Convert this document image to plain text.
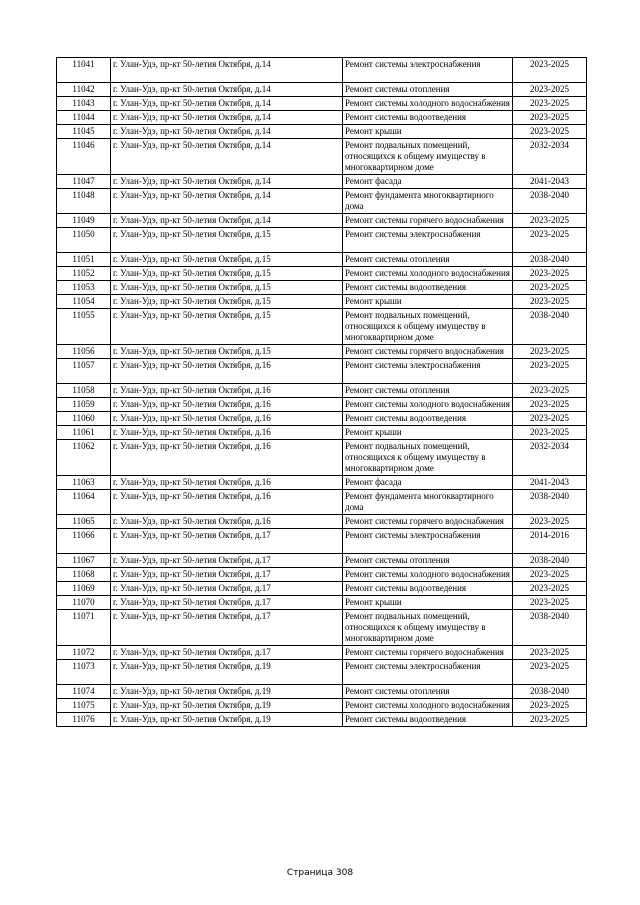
11041	г. Улан-Удэ, пр-кт 50-летия Октября, д.14	Ремонт системы электроснабжения	2023-2025
11042	г. Улан-Удэ, пр-кт 50-летия Октября, д.14	Ремонт системы отопления	2023-2025
11043	г. Улан-Удэ, пр-кт 50-летия Октября, д.14	Ремонт системы холодного водоснабжения	2023-2025
11044	г. Улан-Удэ, пр-кт 50-летия Октября, д.14	Ремонт системы водоотведения	2023-2025
11045	г. Улан-Удэ, пр-кт 50-летия Октября, д.14	Ремонт крыши	2023-2025
11046	г. Улан-Удэ, пр-кт 50-летия Октября, д.14	Ремонт подвальных помещений, относящихся к общему имуществу в многоквартирном доме	2032-2034
11047	г. Улан-Удэ, пр-кт 50-летия Октября, д.14	Ремонт фасада	2041-2043
11048	г. Улан-Удэ, пр-кт 50-летия Октября, д.14	Ремонт фундамента многоквартирного дома	2038-2040
11049	г. Улан-Удэ, пр-кт 50-летия Октября, д.14	Ремонт системы горячего водоснабжения	2023-2025
11050	г. Улан-Удэ, пр-кт 50-летия Октября, д.15	Ремонт системы электроснабжения	2023-2025
11051	г. Улан-Удэ, пр-кт 50-летия Октября, д.15	Ремонт системы отопления	2038-2040
11052	г. Улан-Удэ, пр-кт 50-летия Октября, д.15	Ремонт системы холодного водоснабжения	2023-2025
11053	г. Улан-Удэ, пр-кт 50-летия Октября, д.15	Ремонт системы водоотведения	2023-2025
11054	г. Улан-Удэ, пр-кт 50-летия Октября, д.15	Ремонт крыши	2023-2025
11055	г. Улан-Удэ, пр-кт 50-летия Октября, д.15	Ремонт подвальных помещений, относящихся к общему имуществу в многоквартирном доме	2038-2040
11056	г. Улан-Удэ, пр-кт 50-летия Октября, д.15	Ремонт системы горячего водоснабжения	2023-2025
11057	г. Улан-Удэ, пр-кт 50-летия Октября, д.16	Ремонт системы электроснабжения	2023-2025
11058	г. Улан-Удэ, пр-кт 50-летия Октября, д.16	Ремонт системы отопления	2023-2025
11059	г. Улан-Удэ, пр-кт 50-летия Октября, д.16	Ремонт системы холодного водоснабжения	2023-2025
11060	г. Улан-Удэ, пр-кт 50-летия Октября, д.16	Ремонт системы водоотведения	2023-2025
11061	г. Улан-Удэ, пр-кт 50-летия Октября, д.16	Ремонт крыши	2023-2025
11062	г. Улан-Удэ, пр-кт 50-летия Октября, д.16	Ремонт подвальных помещений, относящихся к общему имуществу в многоквартирном доме	2032-2034
11063	г. Улан-Удэ, пр-кт 50-летия Октября, д.16	Ремонт фасада	2041-2043
11064	г. Улан-Удэ, пр-кт 50-летия Октября, д.16	Ремонт фундамента многоквартирного дома	2038-2040
11065	г. Улан-Удэ, пр-кт 50-летия Октября, д.16	Ремонт системы горячего водоснабжения	2023-2025
11066	г. Улан-Удэ, пр-кт 50-летия Октября, д.17	Ремонт системы электроснабжения	2014-2016
11067	г. Улан-Удэ, пр-кт 50-летия Октября, д.17	Ремонт системы отопления	2038-2040
11068	г. Улан-Удэ, пр-кт 50-летия Октября, д.17	Ремонт системы холодного водоснабжения	2023-2025
11069	г. Улан-Удэ, пр-кт 50-летия Октября, д.17	Ремонт системы водоотведения	2023-2025
11070	г. Улан-Удэ, пр-кт 50-летия Октября, д.17	Ремонт крыши	2023-2025
11071	г. Улан-Удэ, пр-кт 50-летия Октября, д.17	Ремонт подвальных помещений, относящихся к общему имуществу в многоквартирном доме	2038-2040
11072	г. Улан-Удэ, пр-кт 50-летия Октября, д.17	Ремонт системы горячего водоснабжения	2023-2025
11073	г. Улан-Удэ, пр-кт 50-летия Октября, д.19	Ремонт системы электроснабжения	2023-2025
11074	г. Улан-Удэ, пр-кт 50-летия Октября, д.19	Ремонт системы отопления	2038-2040
11075	г. Улан-Удэ, пр-кт 50-летия Октября, д.19	Ремонт системы холодного водоснабжения	2023-2025
11076	г. Улан-Удэ, пр-кт 50-летия Октября, д.19	Ремонт системы водоотведения	2023-2025
Страница 308
